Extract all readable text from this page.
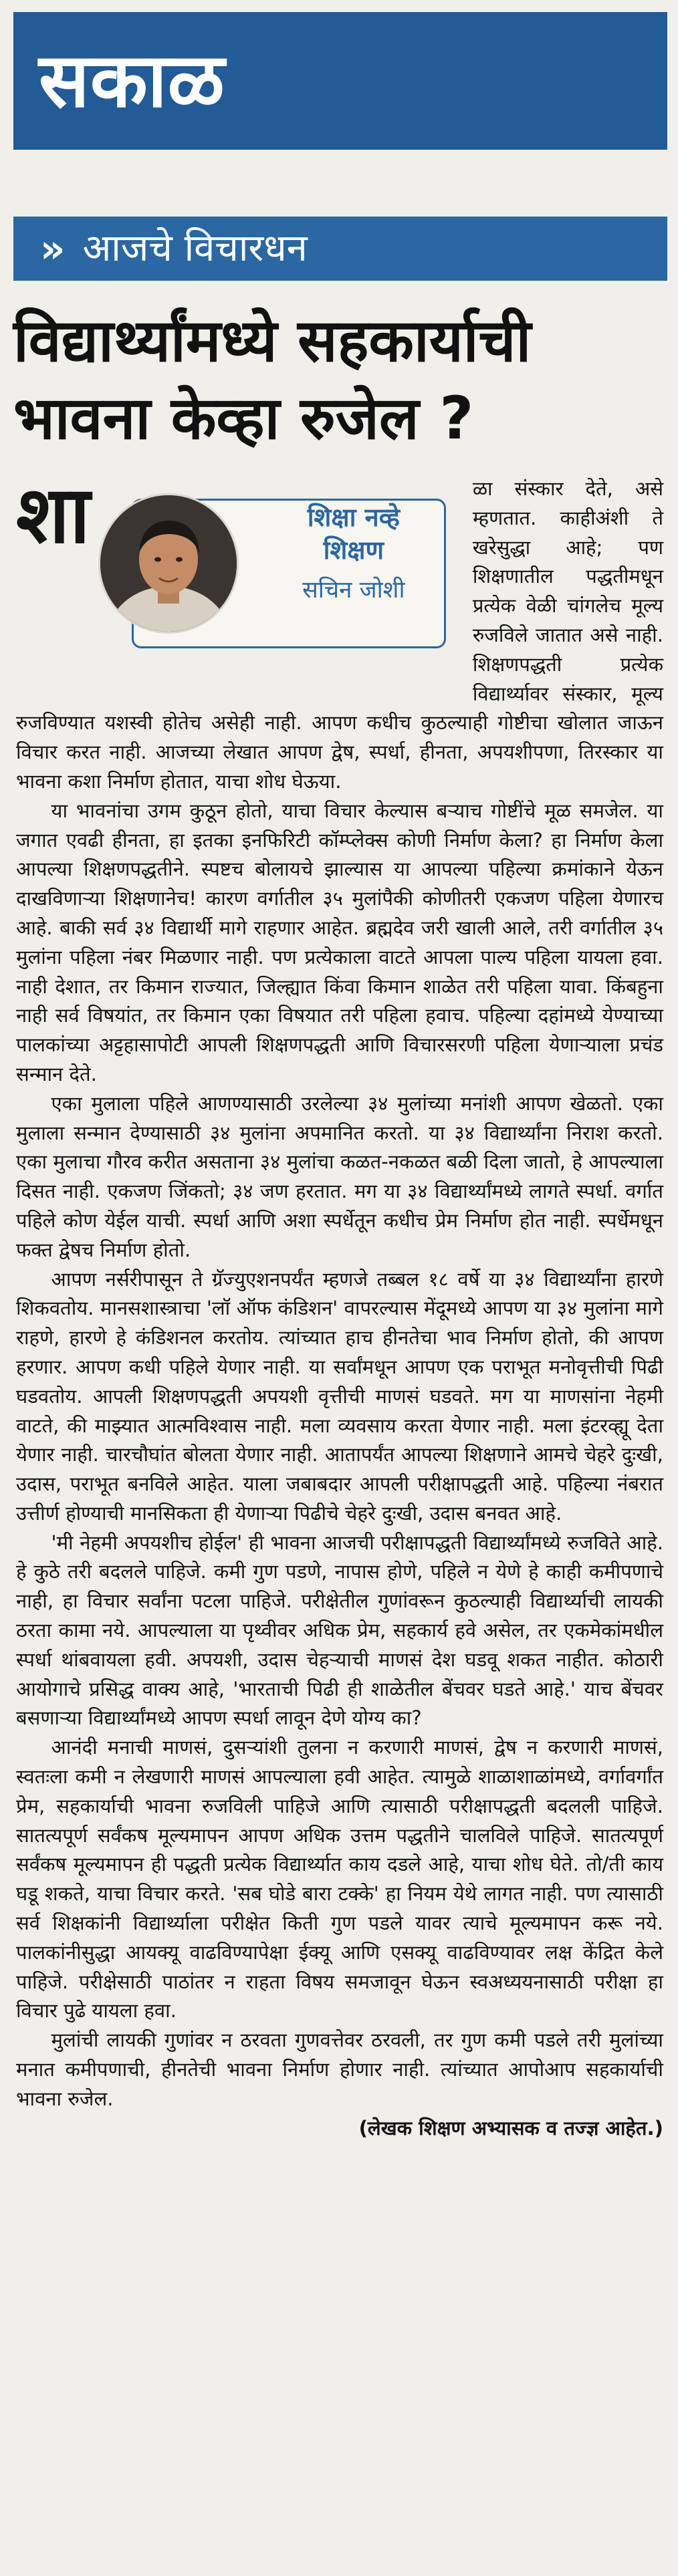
सकाळ
» आजचे विचारधन
विद्यार्थ्यांमध्ये सहकार्याची
भावना केव्हा रुजेल ?

शा	शिक्षा नव्हे
शिक्षण
सचिन जोशी
ळा संस्कार देते, असे म्हणतात. काहीअंशी ते खरेसुद्धा आहे; पण शिक्षणातील पद्धतीमधून प्रत्येक वेळी चांगलेच मूल्य रुजविले जातात असे नाही. शिक्षणपद्धती प्रत्येक विद्यार्थ्यावर संस्कार, मूल्य रुजविण्यात यशस्वी होतेच असेही नाही. आपण कधीच कुठल्याही गोष्टीचा खोलात जाऊन विचार करत नाही. आजच्या लेखात आपण द्वेष, स्पर्धा, हीनता, अपयशीपणा, तिरस्कार या भावना कशा निर्माण होतात, याचा शोध घेऊया.

या भावनांचा उगम कुठून होतो, याचा विचार केल्यास बऱ्याच गोष्टींचे मूळ समजेल. या जगात एवढी हीनता, हा इतका इनफिरिटी कॉम्प्लेक्स कोणी निर्माण केला? हा निर्माण केला आपल्या शिक्षणपद्धतीने. स्पष्टच बोलायचे झाल्यास या आपल्या पहिल्या क्रमांकाने येऊन दाखविणाऱ्या शिक्षणानेच! कारण वर्गातील ३५ मुलांपैकी कोणीतरी एकजण पहिला येणारच आहे. बाकी सर्व ३४ विद्यार्थी मागे राहणार आहेत. ब्रह्मदेव जरी खाली आले, तरी वर्गातील ३५ मुलांना पहिला नंबर मिळणार नाही. पण प्रत्येकाला वाटते आपला पाल्य पहिला यायला हवा. नाही देशात, तर किमान राज्यात, जिल्ह्यात किंवा किमान शाळेत तरी पहिला यावा. किंबहुना नाही सर्व विषयांत, तर किमान एका विषयात तरी पहिला हवाच. पहिल्या दहांमध्ये येण्याच्या पालकांच्या अट्टहासापोटी आपली शिक्षणपद्धती आणि विचारसरणी पहिला येणाऱ्याला प्रचंड सन्मान देते.

एका मुलाला पहिले आणण्यासाठी उरलेल्या ३४ मुलांच्या मनांशी आपण खेळतो. एका मुलाला सन्मान देण्यासाठी ३४ मुलांना अपमानित करतो. या ३४ विद्यार्थ्यांना निराश करतो. एका मुलाचा गौरव करीत असताना ३४ मुलांचा कळत-नकळत बळी दिला जातो, हे आपल्याला दिसत नाही. एकजण जिंकतो; ३४ जण हरतात. मग या ३४ विद्यार्थ्यांमध्ये लागते स्पर्धा. वर्गात पहिले कोण येईल याची. स्पर्धा आणि अशा स्पर्धेतून कधीच प्रेम निर्माण होत नाही. स्पर्धेमधून फक्त द्वेषच निर्माण होतो.

आपण नर्सरीपासून ते ग्रॅज्युएशनपर्यंत म्हणजे तब्बल १८ वर्षे या ३४ विद्यार्थ्यांना हारणे शिकवतोय. मानसशास्त्राचा 'लॉ ऑफ कंडिशन' वापरल्यास मेंदूमध्ये आपण या ३४ मुलांना मागे राहणे, हारणे हे कंडिशनल करतोय. त्यांच्यात हाच हीनतेचा भाव निर्माण होतो, की आपण हरणार. आपण कधी पहिले येणार नाही. या सर्वांमधून आपण एक पराभूत मनोवृत्तीची पिढी घडवतोय. आपली शिक्षणपद्धती अपयशी वृत्तीची माणसं घडवते. मग या माणसांना नेहमी वाटते, की माझ्यात आत्मविश्वास नाही. मला व्यवसाय करता येणार नाही. मला इंटरव्ह्यू देता येणार नाही. चारचौघांत बोलता येणार नाही. आतापर्यंत आपल्या शिक्षणाने आमचे चेहरे दुःखी, उदास, पराभूत बनविले आहेत. याला जबाबदार आपली परीक्षापद्धती आहे. पहिल्या नंबरात उत्तीर्ण होण्याची मानसिकता ही येणाऱ्या पिढीचे चेहरे दुःखी, उदास बनवत आहे.

'मी नेहमी अपयशीच होईल' ही भावना आजची परीक्षापद्धती विद्यार्थ्यांमध्ये रुजविते आहे. हे कुठे तरी बदलले पाहिजे. कमी गुण पडणे, नापास होणे, पहिले न येणे हे काही कमीपणाचे नाही, हा विचार सर्वांना पटला पाहिजे. परीक्षेतील गुणांवरून कुठल्याही विद्यार्थ्याची लायकी ठरता कामा नये. आपल्याला या पृथ्वीवर अधिक प्रेम, सहकार्य हवे असेल, तर एकमेकांमधील स्पर्धा थांबवायला हवी. अपयशी, उदास चेहऱ्याची माणसं देश घडवू शकत नाहीत. कोठारी आयोगाचे प्रसिद्ध वाक्य आहे, 'भारताची पिढी ही शाळेतील बेंचवर घडते आहे.' याच बेंचवर बसणाऱ्या विद्यार्थ्यांमध्ये आपण स्पर्धा लावून देणे योग्य का?

आनंदी मनाची माणसं, दुसऱ्यांशी तुलना न करणारी माणसं, द्वेष न करणारी माणसं, स्वतःला कमी न लेखणारी माणसं आपल्याला हवी आहेत. त्यामुळे शाळाशाळांमध्ये, वर्गावर्गांत प्रेम, सहकार्याची भावना रुजविली पाहिजे आणि त्यासाठी परीक्षापद्धती बदलली पाहिजे. सातत्यपूर्ण सर्वंकष मूल्यमापन आपण अधिक उत्तम पद्धतीने चालविले पाहिजे. सातत्यपूर्ण सर्वंकष मूल्यमापन ही पद्धती प्रत्येक विद्यार्थ्यात काय दडले आहे, याचा शोध घेते. तो/ती काय घडू शकते, याचा विचार करते. 'सब घोडे बारा टक्के' हा नियम येथे लागत नाही. पण त्यासाठी सर्व शिक्षकांनी विद्यार्थ्याला परीक्षेत किती गुण पडले यावर त्याचे मूल्यमापन करू नये. पालकांनीसुद्धा आयक्यू वाढविण्यापेक्षा ईक्यू आणि एसक्यू वाढविण्यावर लक्ष केंद्रित केले पाहिजे. परीक्षेसाठी पाठांतर न राहता विषय समजावून घेऊन स्वअध्ययनासाठी परीक्षा हा विचार पुढे यायला हवा.

मुलांची लायकी गुणांवर न ठरवता गुणवत्तेवर ठरवली, तर गुण कमी पडले तरी मुलांच्या मनात कमीपणाची, हीनतेची भावना निर्माण होणार नाही. त्यांच्यात आपोआप सहकार्याची भावना रुजेल.

(लेखक शिक्षण अभ्यासक व तज्ज्ञ आहेत.)
